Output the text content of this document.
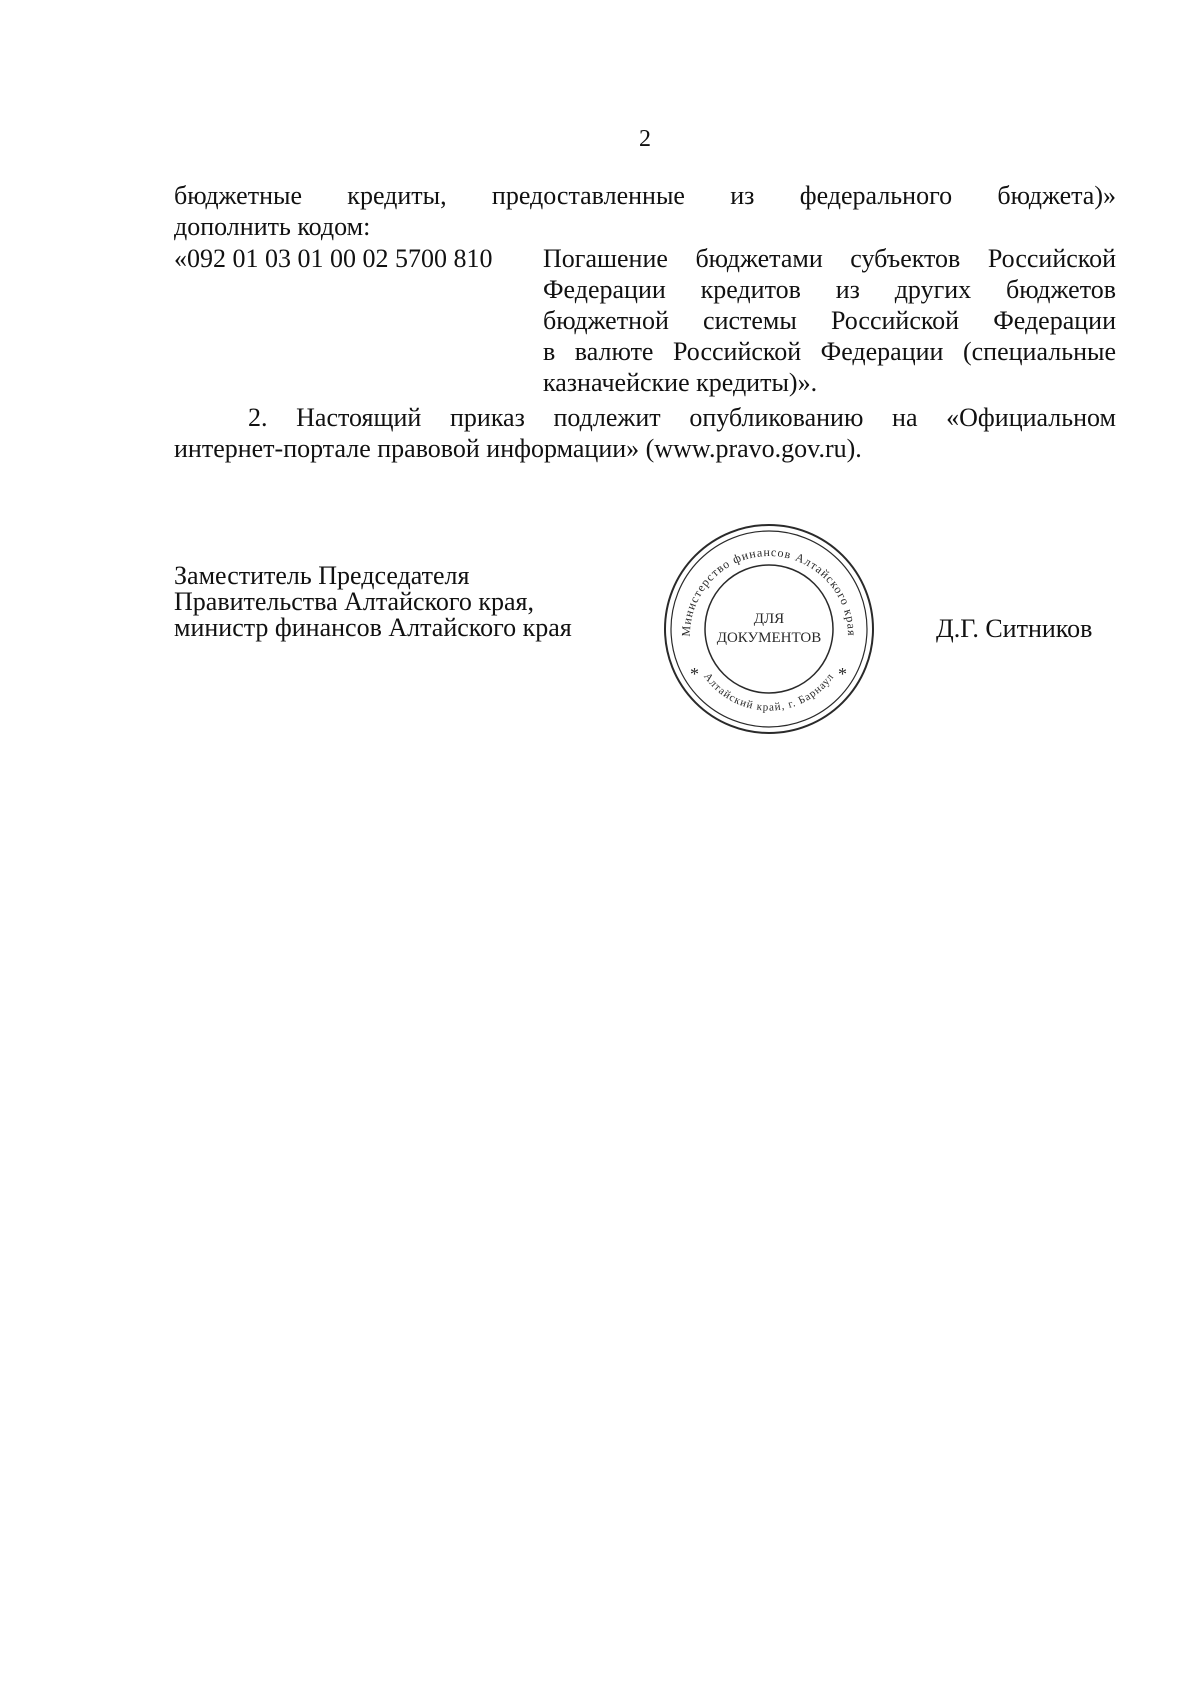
2
бюджетные кредиты, предоставленные из федерального бюджета)»
дополнить кодом:
«092 01 03 01 00 02 5700 810 Погашение бюджетами субъектов Российской
Федерации кредитов из других бюджетов
бюджетной системы Российской Федерации
в валюте Российской Федерации (специальные
казначейские кредиты)».
2. Настоящий приказ подлежит опубликованию на «Официальном
интернет-портале правовой информации» (www.pravo.gov.ru).
Заместитель Председателя
Правительства Алтайского края,
министр финансов Алтайского края	Министерство финансов Алтайского края
Алтайский край, г. Барнаул
ДЛЯ
ДОКУМЕНТОВ
*	*
Д.Г. Ситников
